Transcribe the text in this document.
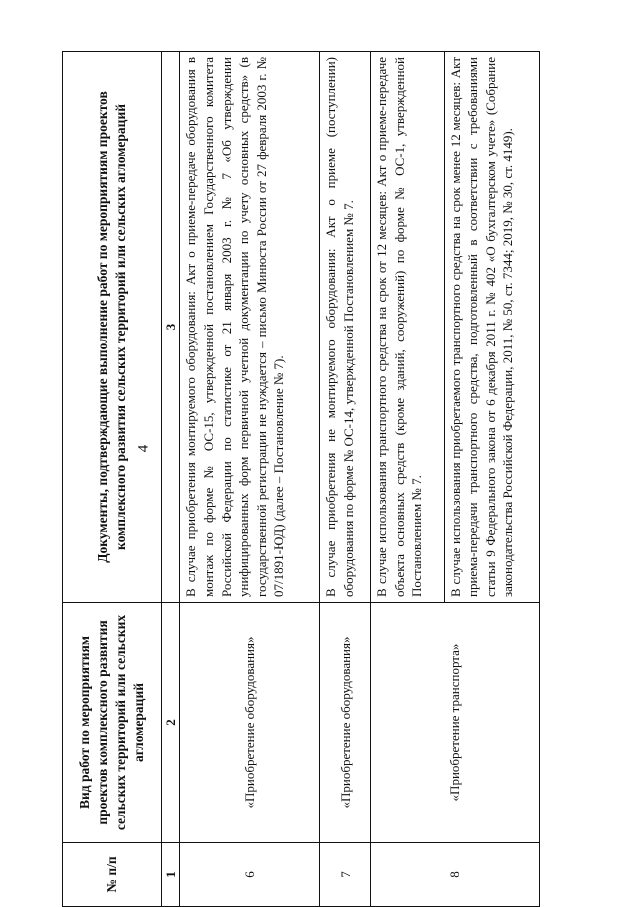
4
№ п/п	Вид работ по мероприятиям проектов комплексного развития сельских территорий или сельских агломераций	Документы, подтверждающие выполнение работ по мероприятиям проектов комплексного развития сельских территорий или сельских агломераций
1	2	3
6	«Приобретение оборудования»	В случае приобретения монтируемого оборудования: Акт о приеме-передаче оборудования в монтаж по форме № ОС-15, утвержденной постановлением Государственного комитета Российской Федерации по статистике от 21 января 2003 г. № 7 «Об утверждении унифицированных форм первичной учетной документации по учету основных средств» (в государственной регистрации не нуждается – письмо Минюста России от 27 февраля 2003 г. № 07/1891-ЮД) (далее – Постановление № 7).
7	«Приобретение оборудования»	В случае приобретения не монтируемого оборудования: Акт о приеме (поступлении) оборудования по форме № ОС-14, утвержденной Постановлением № 7.
8	«Приобретение транспорта»	В случае использования транспортного средства на срок от 12 месяцев: Акт о приеме-передаче объекта основных средств (кроме зданий, сооружений) по форме № ОС-1, утвержденной Постановлением № 7.
		В случае использования приобретаемого транспортного средства на срок менее 12 месяцев: Акт приема-передачи транспортного средства, подготовленный в соответствии с требованиями статьи 9 Федерального закона от 6 декабря 2011 г. № 402 «О бухгалтерском учете» (Собрание законодательства Российской Федерации, 2011, № 50, ст. 7344; 2019, № 30, ст. 4149).
